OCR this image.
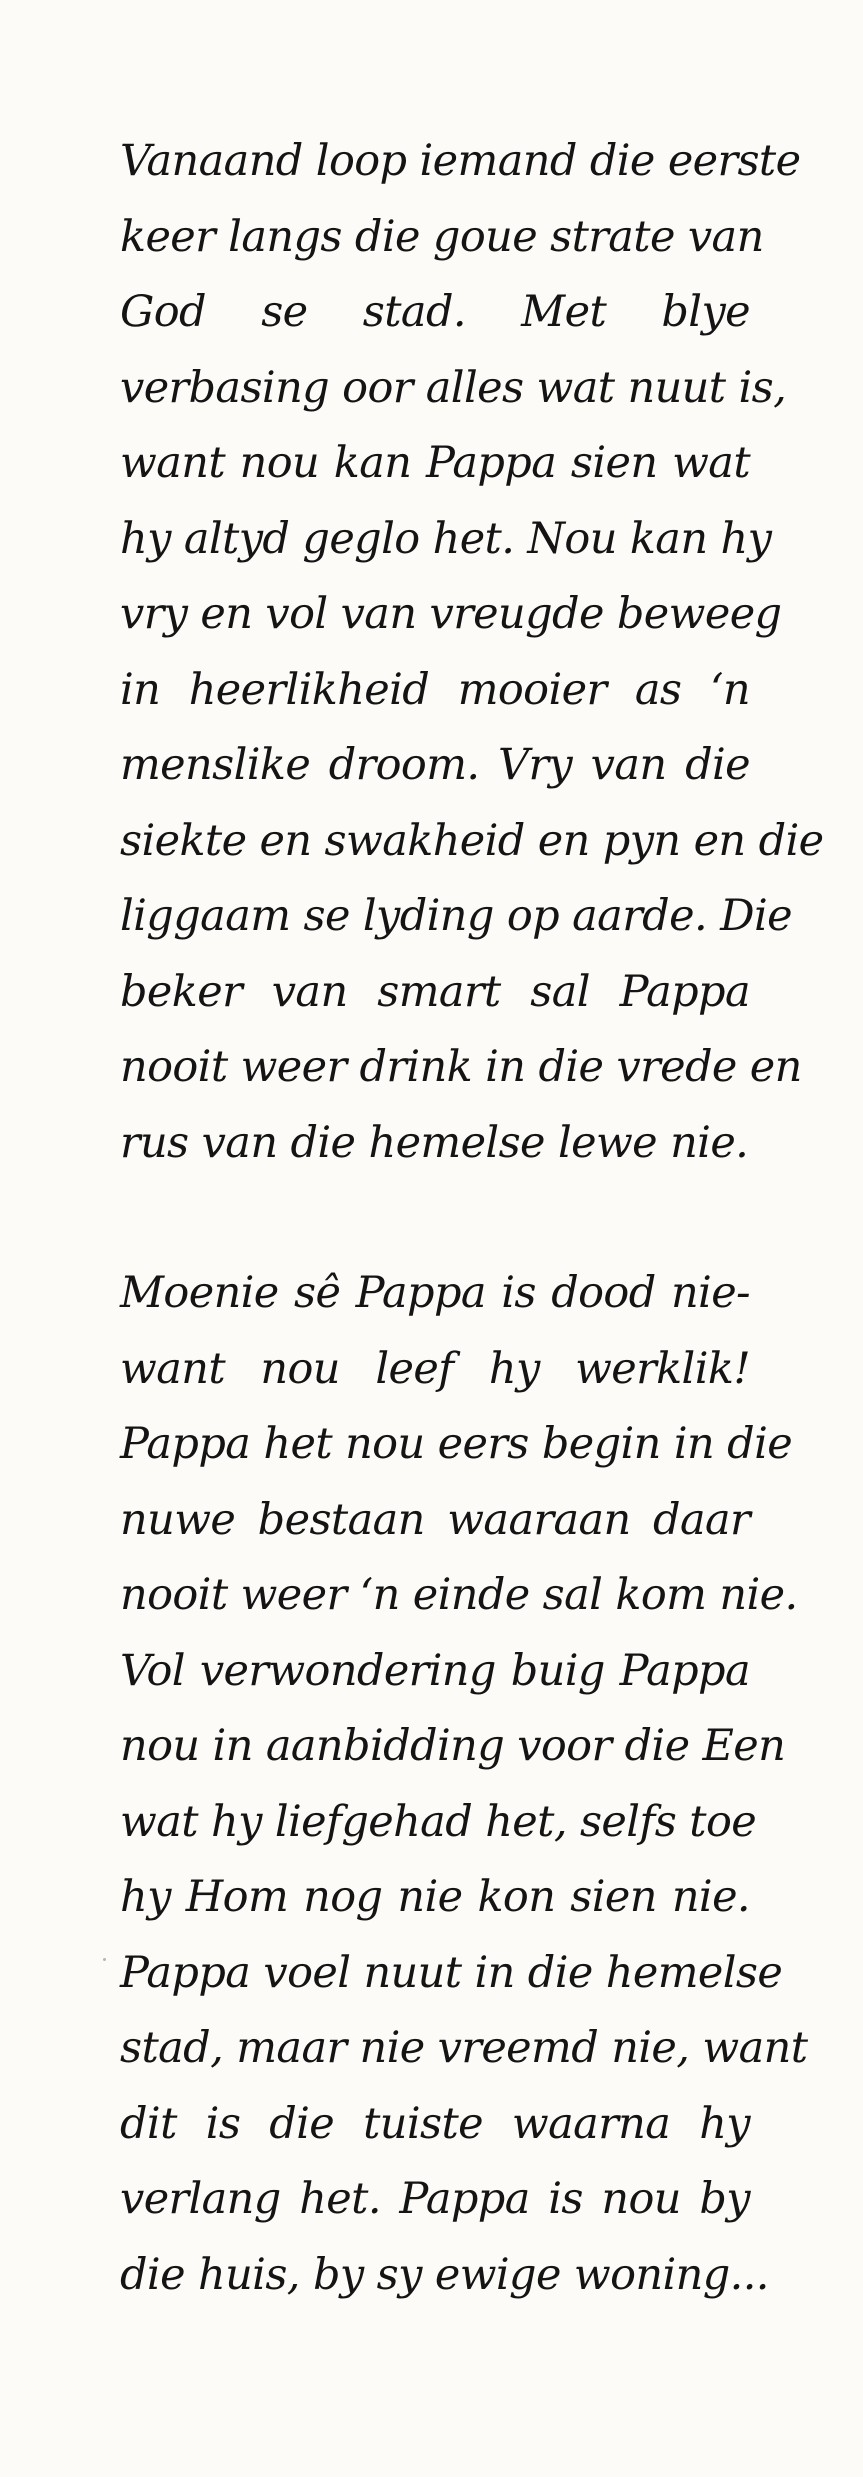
Vanaand loop iemand die eerste
keer langs die goue strate van
God se stad. Met blye
verbasing oor alles wat nuut is,
want nou kan Pappa sien wat
hy altyd geglo het. Nou kan hy
vry en vol van vreugde beweeg
in heerlikheid mooier as ‘n
menslike droom. Vry van die
siekte en swakheid en pyn en die
liggaam se lyding op aarde. Die
beker van smart sal Pappa
nooit weer drink in die vrede en
rus van die hemelse lewe nie.
Moenie sê Pappa is dood nie-
want nou leef hy werklik!
Pappa het nou eers begin in die
nuwe bestaan waaraan daar
nooit weer ‘n einde sal kom nie.
Vol verwondering buig Pappa
nou in aanbidding voor die Een
wat hy liefgehad het, selfs toe
hy Hom nog nie kon sien nie.
Pappa voel nuut in die hemelse
stad, maar nie vreemd nie, want
dit is die tuiste waarna hy
verlang het. Pappa is nou by
die huis, by sy ewige woning...
